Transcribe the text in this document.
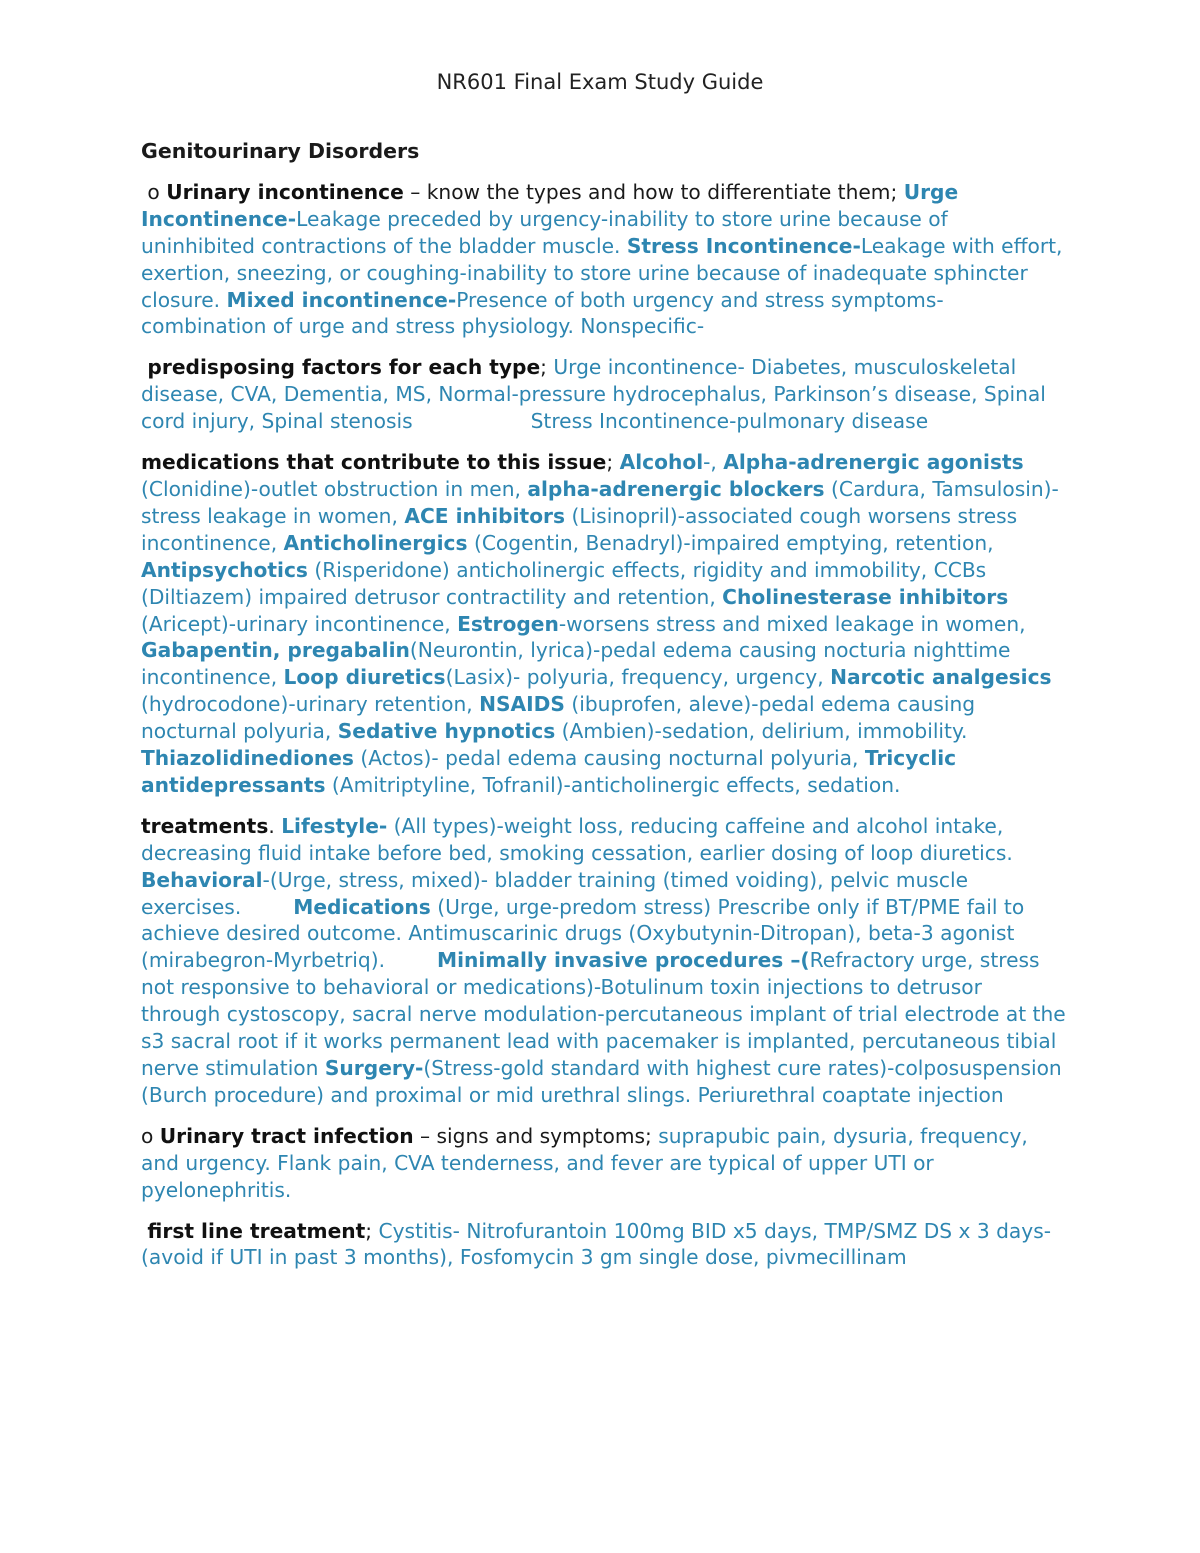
NR601 Final Exam Study Guide
Genitourinary Disorders

o Urinary incontinence – know the types and how to differentiate them; Urge Incontinence-Leakage preceded by urgency-inability to store urine because of uninhibited contractions of the bladder muscle. Stress Incontinence-Leakage with effort, exertion, sneezing, or coughing-inability to store urine because of inadequate sphincter closure. Mixed incontinence-Presence of both urgency and stress symptoms-combination of urge and stress physiology. Nonspecific-

predisposing factors for each type; Urge incontinence- Diabetes, musculoskeletal disease, CVA, Dementia, MS, Normal-pressure hydrocephalus, Parkinson’s disease, Spinal cord injury, Spinal stenosis	Stress Incontinence-pulmonary disease

medications that contribute to this issue; Alcohol-, Alpha-adrenergic agonists (Clonidine)-outlet obstruction in men, alpha-adrenergic blockers (Cardura, Tamsulosin)-stress leakage in women, ACE inhibitors (Lisinopril)-associated cough worsens stress incontinence, Anticholinergics (Cogentin, Benadryl)-impaired emptying, retention, Antipsychotics (Risperidone) anticholinergic effects, rigidity and immobility, CCBs (Diltiazem) impaired detrusor contractility and retention, Cholinesterase inhibitors (Aricept)-urinary incontinence, Estrogen-worsens stress and mixed leakage in women, Gabapentin, pregabalin(Neurontin, lyrica)-pedal edema causing nocturia nighttime incontinence, Loop diuretics(Lasix)- polyuria, frequency, urgency, Narcotic analgesics (hydrocodone)-urinary retention, NSAIDS (ibuprofen, aleve)-pedal edema causing nocturnal polyuria, Sedative hypnotics (Ambien)-sedation, delirium, immobility. Thiazolidinediones (Actos)- pedal edema causing nocturnal polyuria, Tricyclic antidepressants (Amitriptyline, Tofranil)-anticholinergic effects, sedation.

treatments. Lifestyle- (All types)-weight loss, reducing caffeine and alcohol intake, decreasing fluid intake before bed, smoking cessation, earlier dosing of loop diuretics.Behavioral-(Urge, stress, mixed)- bladder training (timed voiding), pelvic muscle exercises.	Medications (Urge, urge-predom stress) Prescribe only if BT/PME fail to achieve desired outcome. Antimuscarinic drugs (Oxybutynin-Ditropan), beta-3 agonist (mirabegron-Myrbetriq).	Minimally invasive procedures –(Refractory urge, stress not responsive to behavioral or medications)-Botulinum toxin injections to detrusor through cystoscopy, sacral nerve modulation-percutaneous implant of trial electrode at the s3 sacral root if it works permanent lead with pacemaker is implanted, percutaneous tibial nerve stimulation Surgery-(Stress-gold standard with highest cure rates)-colposuspension (Burch procedure) and proximal or mid urethral slings. Periurethral coaptate injection

o Urinary tract infection – signs and symptoms; suprapubic pain, dysuria, frequency, and urgency. Flank pain, CVA tenderness, and fever are typical of upper UTI or pyelonephritis.

first line treatment; Cystitis- Nitrofurantoin 100mg BID x5 days, TMP/SMZ DS x 3 days-(avoid if UTI in past 3 months), Fosfomycin 3 gm single dose, pivmecillinam
